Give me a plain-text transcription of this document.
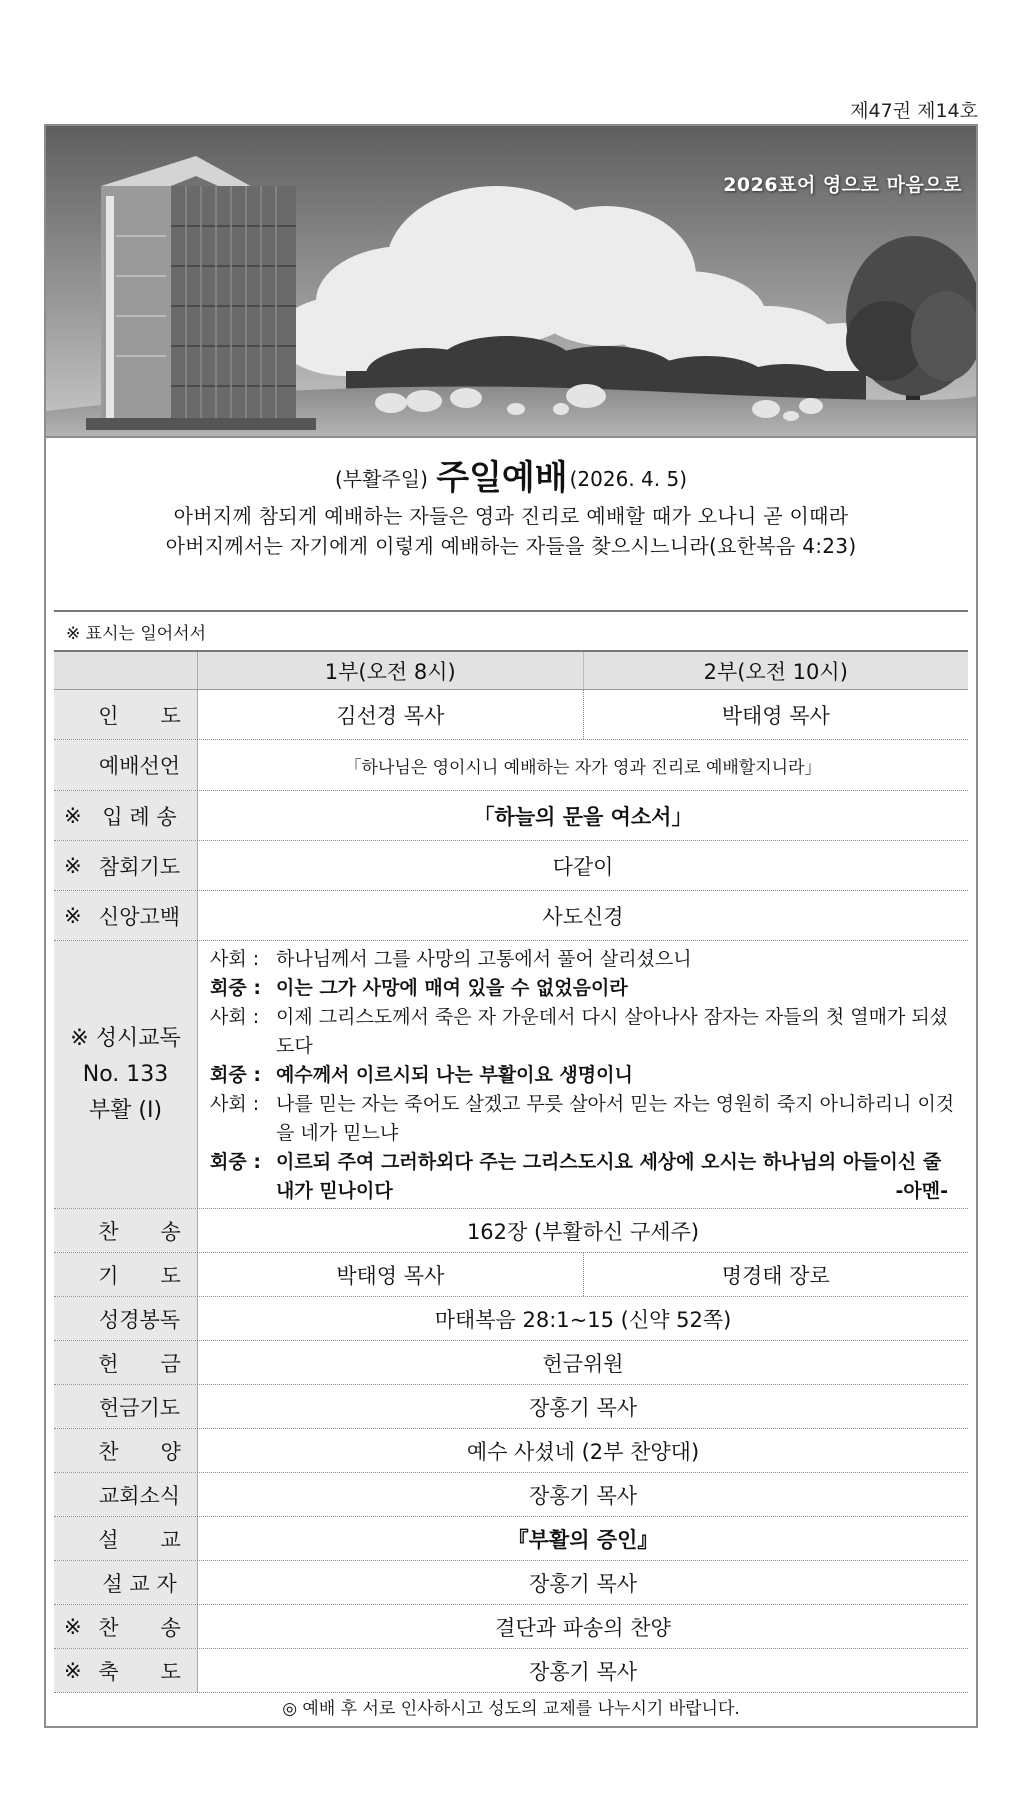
제47권 제14호
2026표어 영으로 마음으로
(부활주일) 주일예배 (2026. 4. 5)
아버지께 참되게 예배하는 자들은 영과 진리로 예배할 때가 오나니 곧 이때라
아버지께서는 자기에게 이렇게 예배하는 자들을 찾으시느니라(요한복음 4:23)
※ 표시는 일어서서
1부(오전 8시)	2부(오전 10시)
인　　도	김선경 목사	박태영 목사
예배선언	「하나님은 영이시니 예배하는 자가 영과 진리로 예배할지니라」
※ 입 례 송	「하늘의 문을 여소서」
※ 참회기도	다같이
※ 신앙고백	사도신경
※ 성시교독
No. 133
부활 (I)
사회 : 하나님께서 그를 사망의 고통에서 풀어 살리셨으니
회중 : 이는 그가 사망에 매여 있을 수 없었음이라
사회 : 이제 그리스도께서 죽은 자 가운데서 다시 살아나사 잠자는 자들의 첫 열매가 되셨도다
회중 : 예수께서 이르시되 나는 부활이요 생명이니
사회 : 나를 믿는 자는 죽어도 살겠고 무릇 살아서 믿는 자는 영원히 죽지 아니하리니 이것을 네가 믿느냐
회중 : 이르되 주여 그러하외다 주는 그리스도시요 세상에 오시는 하나님의 아들이신 줄 내가 믿나이다	-아멘-
찬　　송	162장 (부활하신 구세주)
기　　도	박태영 목사	명경태 장로
성경봉독	마태복음 28:1~15 (신약 52쪽)
헌　　금	헌금위원
헌금기도	장홍기 목사
찬　　양	예수 사셨네 (2부 찬양대)
교회소식	장홍기 목사
설　　교	『부활의 증인』
설 교 자	장홍기 목사
※ 찬　　송	결단과 파송의 찬양
※ 축　　도	장홍기 목사
◎ 예배 후 서로 인사하시고 성도의 교제를 나누시기 바랍니다.
